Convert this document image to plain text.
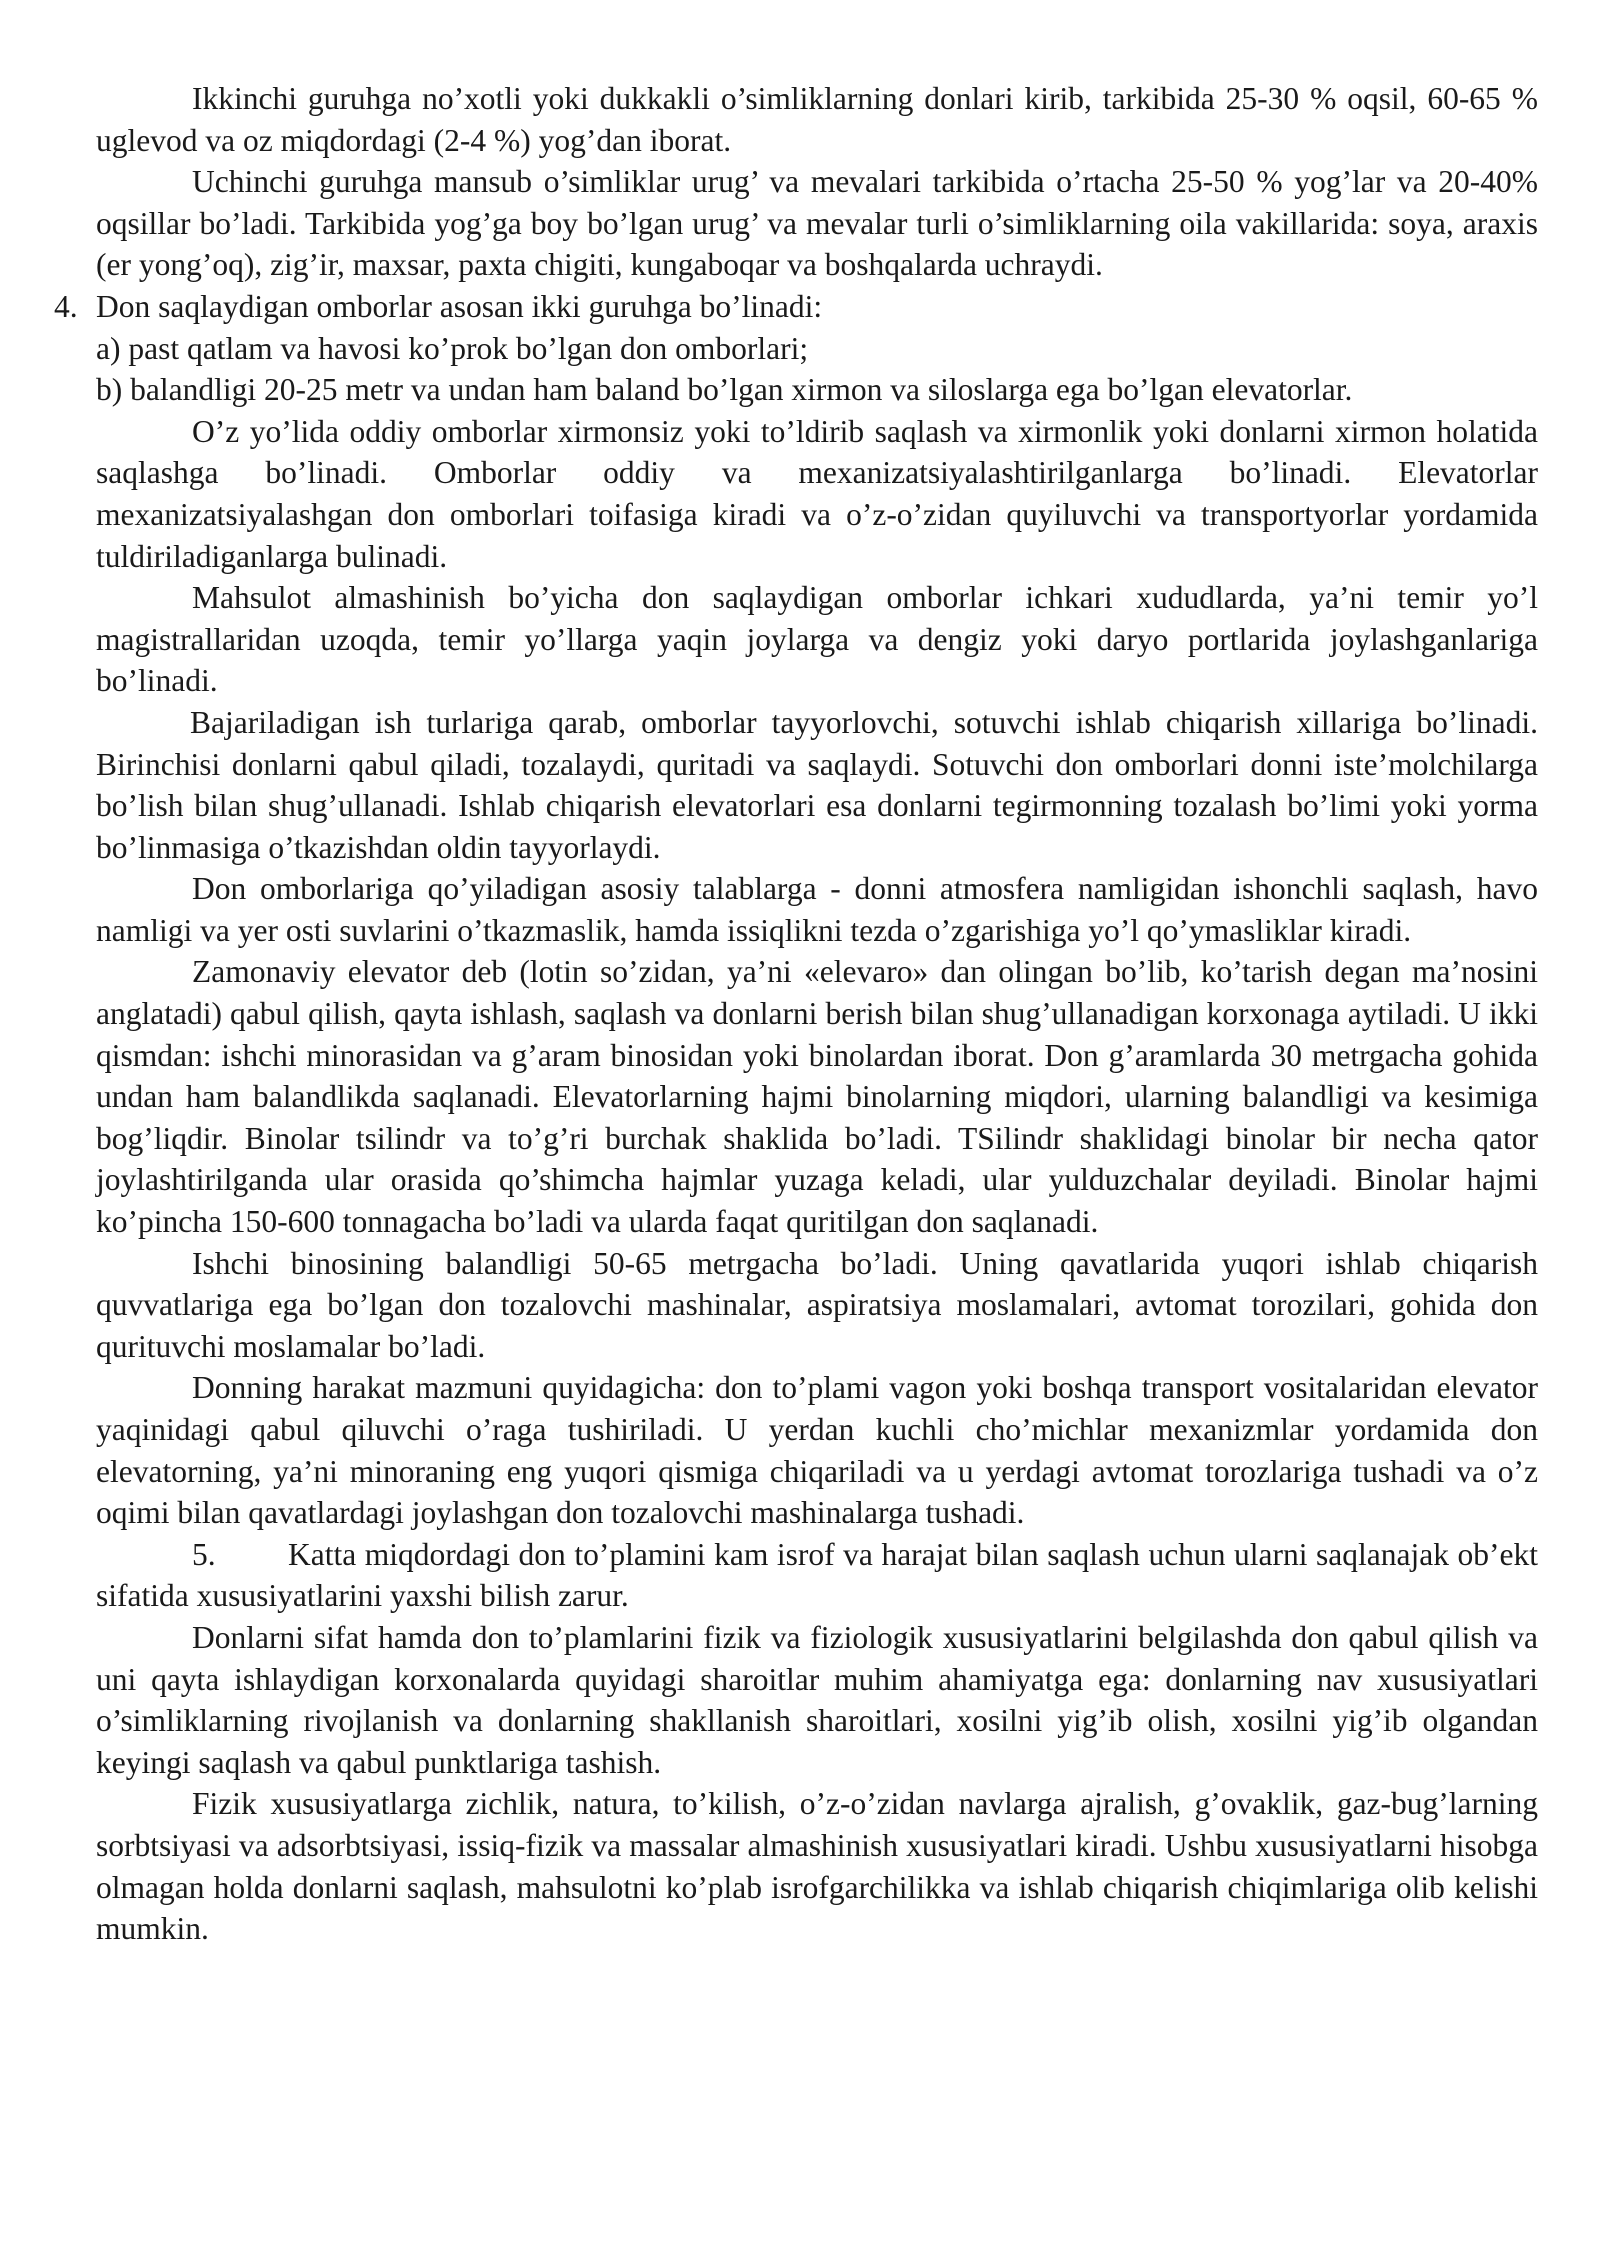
Ikkinchi guruhga no’xotli yoki dukkakli o’simliklarning donlari kirib, tarkibida 25-30 % oqsil, 60-65 % uglevod va oz miqdordagi (2-4 %) yog’dan iborat.

Uchinchi guruhga mansub o’simliklar urug’ va mevalari tarkibida o’rtacha 25-50 % yog’lar va 20-40% oqsillar bo’ladi. Tarkibida yog’ga boy bo’lgan urug’ va mevalar turli o’simliklarning oila vakillarida: soya, araxis (er yong’oq), zig’ir, maxsar, paxta chigiti, kungaboqar va boshqalarda uchraydi.

4. Don saqlaydigan omborlar asosan ikki guruhga bo’linadi:

a) past qatlam va havosi ko’prok bo’lgan don omborlari;

b) balandligi 20-25 metr va undan ham baland bo’lgan xirmon va siloslarga ega bo’lgan elevatorlar.

O’z yo’lida oddiy omborlar xirmonsiz yoki to’ldirib saqlash va xirmonlik yoki donlarni xirmon holatida saqlashga bo’linadi. Omborlar oddiy va mexanizatsiyalashtirilganlarga bo’linadi. Elevatorlar mexanizatsiyalashgan don omborlari toifasiga kiradi va o’z-o’zidan quyiluvchi va transportyorlar yordamida tuldiriladiganlarga bulinadi.

Mahsulot almashinish bo’yicha don saqlaydigan omborlar ichkari xududlarda, ya’ni temir yo’l magistrallaridan uzoqda, temir yo’llarga yaqin joylarga va dengiz yoki daryo portlarida joylashganlariga bo’linadi.

Bajariladigan ish turlariga qarab, omborlar tayyorlovchi, sotuvchi ishlab chiqarish xillariga bo’linadi. Birinchisi donlarni qabul qiladi, tozalaydi, quritadi va saqlaydi. Sotuvchi don omborlari donni iste’molchilarga bo’lish bilan shug’ullanadi. Ishlab chiqarish elevatorlari esa donlarni tegirmonning tozalash bo’limi yoki yorma bo’linmasiga o’tkazishdan oldin tayyorlaydi.

Don omborlariga qo’yiladigan asosiy talablarga - donni atmosfera namligidan ishonchli saqlash, havo namligi va yer osti suvlarini o’tkazmaslik, hamda issiqlikni tezda o’zgarishiga yo’l qo’ymasliklar kiradi.

Zamonaviy elevator deb (lotin so’zidan, ya’ni «elevaro» dan olingan bo’lib, ko’tarish degan ma’nosini anglatadi) qabul qilish, qayta ishlash, saqlash va donlarni berish bilan shug’ullanadigan korxonaga aytiladi. U ikki qismdan: ishchi minorasidan va g’aram binosidan yoki binolardan iborat. Don g’aramlarda 30 metrgacha gohida undan ham balandlikda saqlanadi. Elevatorlarning hajmi binolarning miqdori, ularning balandligi va kesimiga bog’liqdir. Binolar tsilindr va to’g’ri burchak shaklida bo’ladi. TSilindr shaklidagi binolar bir necha qator joylashtirilganda ular orasida qo’shimcha hajmlar yuzaga keladi, ular yulduzchalar deyiladi. Binolar hajmi ko’pincha 150-600 tonnagacha bo’ladi va ularda faqat quritilgan don saqlanadi.

Ishchi binosining balandligi 50-65 metrgacha bo’ladi. Uning qavatlarida yuqori ishlab chiqarish quvvatlariga ega bo’lgan don tozalovchi mashinalar, aspiratsiya moslamalari, avtomat torozilari, gohida don qurituvchi moslamalar bo’ladi.

Donning harakat mazmuni quyidagicha: don to’plami vagon yoki boshqa transport vositalaridan elevator yaqinidagi qabul qiluvchi o’raga tushiriladi. U yerdan kuchli cho’michlar mexanizmlar yordamida don elevatorning, ya’ni minoraning eng yuqori qismiga chiqariladi va u yerdagi avtomat torozlariga tushadi va o’z oqimi bilan qavatlardagi joylashgan don tozalovchi mashinalarga tushadi.

5. Katta miqdordagi don to’plamini kam isrof va harajat bilan saqlash uchun ularni saqlanajak ob’ekt sifatida xususiyatlarini yaxshi bilish zarur.

Donlarni sifat hamda don to’plamlarini fizik va fiziologik xususiyatlarini belgilashda don qabul qilish va uni qayta ishlaydigan korxonalarda quyidagi sharoitlar muhim ahamiyatga ega: donlarning nav xususiyatlari o’simliklarning rivojlanish va donlarning shakllanish sharoitlari, xosilni yig’ib olish, xosilni yig’ib olgandan keyingi saqlash va qabul punktlariga tashish.

Fizik xususiyatlarga zichlik, natura, to’kilish, o’z-o’zidan navlarga ajralish, g’ovaklik, gaz-bug’larning sorbtsiyasi va adsorbtsiyasi, issiq-fizik va massalar almashinish xususiyatlari kiradi. Ushbu xususiyatlarni hisobga olmagan holda donlarni saqlash, mahsulotni ko’plab isrofgarchilikka va ishlab chiqarish chiqimlariga olib kelishi mumkin.
